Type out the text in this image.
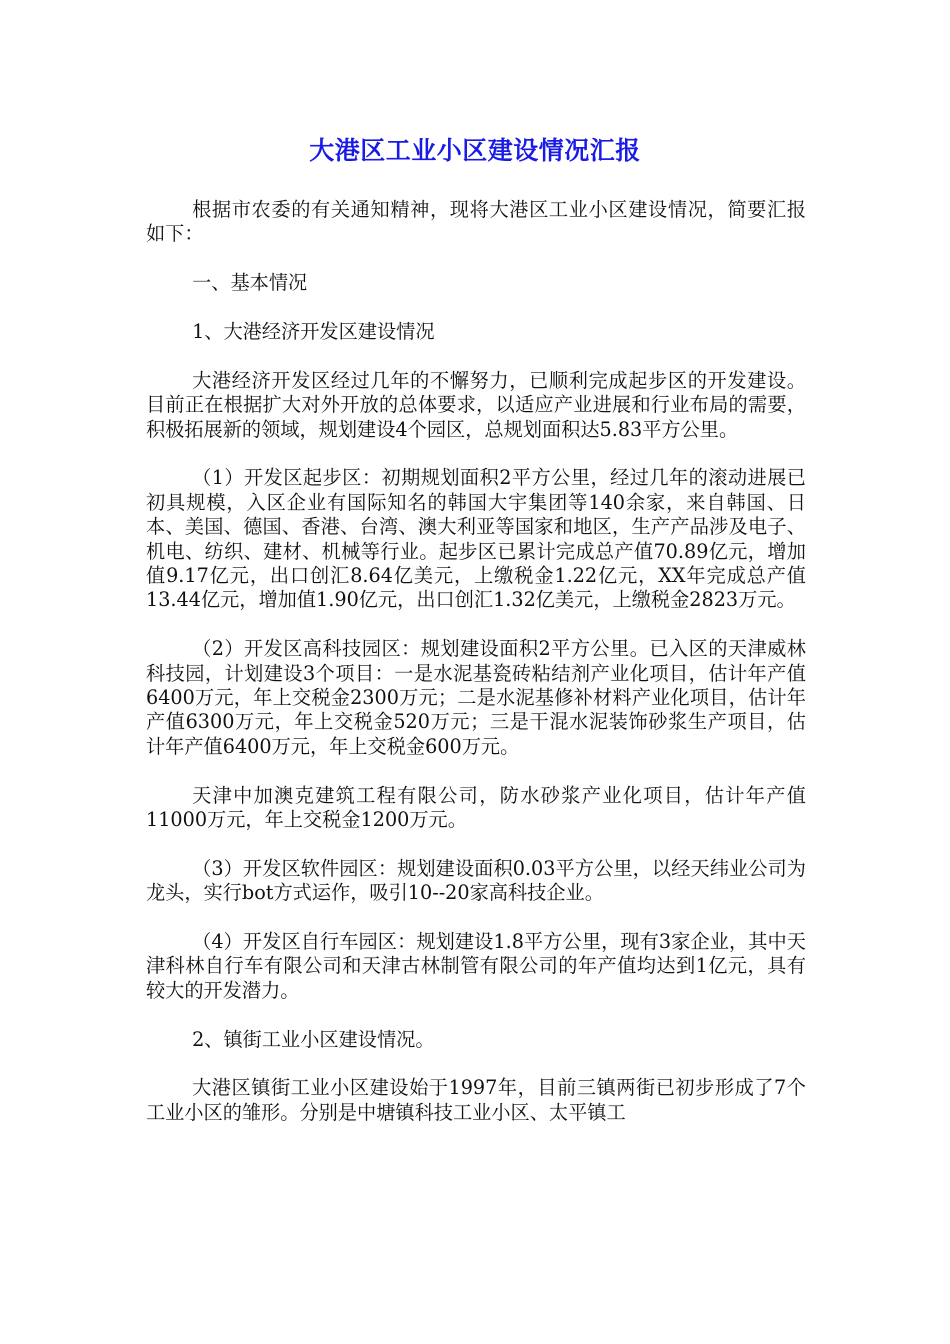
大港区工业小区建设情况汇报

根据市农委的有关通知精神，现将大港区工业小区建设情况，简要汇报如下：

一、基本情况

1、大港经济开发区建设情况

大港经济开发区经过几年的不懈努力，已顺利完成起步区的开发建设。目前正在根据扩大对外开放的总体要求，以适应产业进展和行业布局的需要，积极拓展新的领域，规划建设4个园区，总规划面积达5.83平方公里。

（1）开发区起步区：初期规划面积2平方公里，经过几年的滚动进展已初具规模，入区企业有国际知名的韩国大宇集团等140余家，来自韩国、日本、美国、德国、香港、台湾、澳大利亚等国家和地区，生产产品涉及电子、机电、纺织、建材、机械等行业。起步区已累计完成总产值70.89亿元，增加值9.17亿元，出口创汇8.64亿美元，上缴税金1.22亿元，XX年完成总产值13.44亿元，增加值1.90亿元，出口创汇1.32亿美元，上缴税金2823万元。

（2）开发区高科技园区：规划建设面积2平方公里。已入区的天津威林科技园，计划建设3个项目：一是水泥基瓷砖粘结剂产业化项目，估计年产值6400万元，年上交税金2300万元；二是水泥基修补材料产业化项目，估计年产值6300万元，年上交税金520万元；三是干混水泥装饰砂浆生产项目，估计年产值6400万元，年上交税金600万元。

天津中加澳克建筑工程有限公司，防水砂浆产业化项目，估计年产值11000万元，年上交税金1200万元。

（3）开发区软件园区：规划建设面积0.03平方公里，以经天纬业公司为龙头，实行bot方式运作，吸引10--20家高科技企业。

（4）开发区自行车园区：规划建设1.8平方公里，现有3家企业，其中天津科林自行车有限公司和天津古林制管有限公司的年产值均达到1亿元，具有较大的开发潜力。

2、镇街工业小区建设情况。

大港区镇街工业小区建设始于1997年，目前三镇两街已初步形成了7个工业小区的雏形。分别是中塘镇科技工业小区、太平镇工
